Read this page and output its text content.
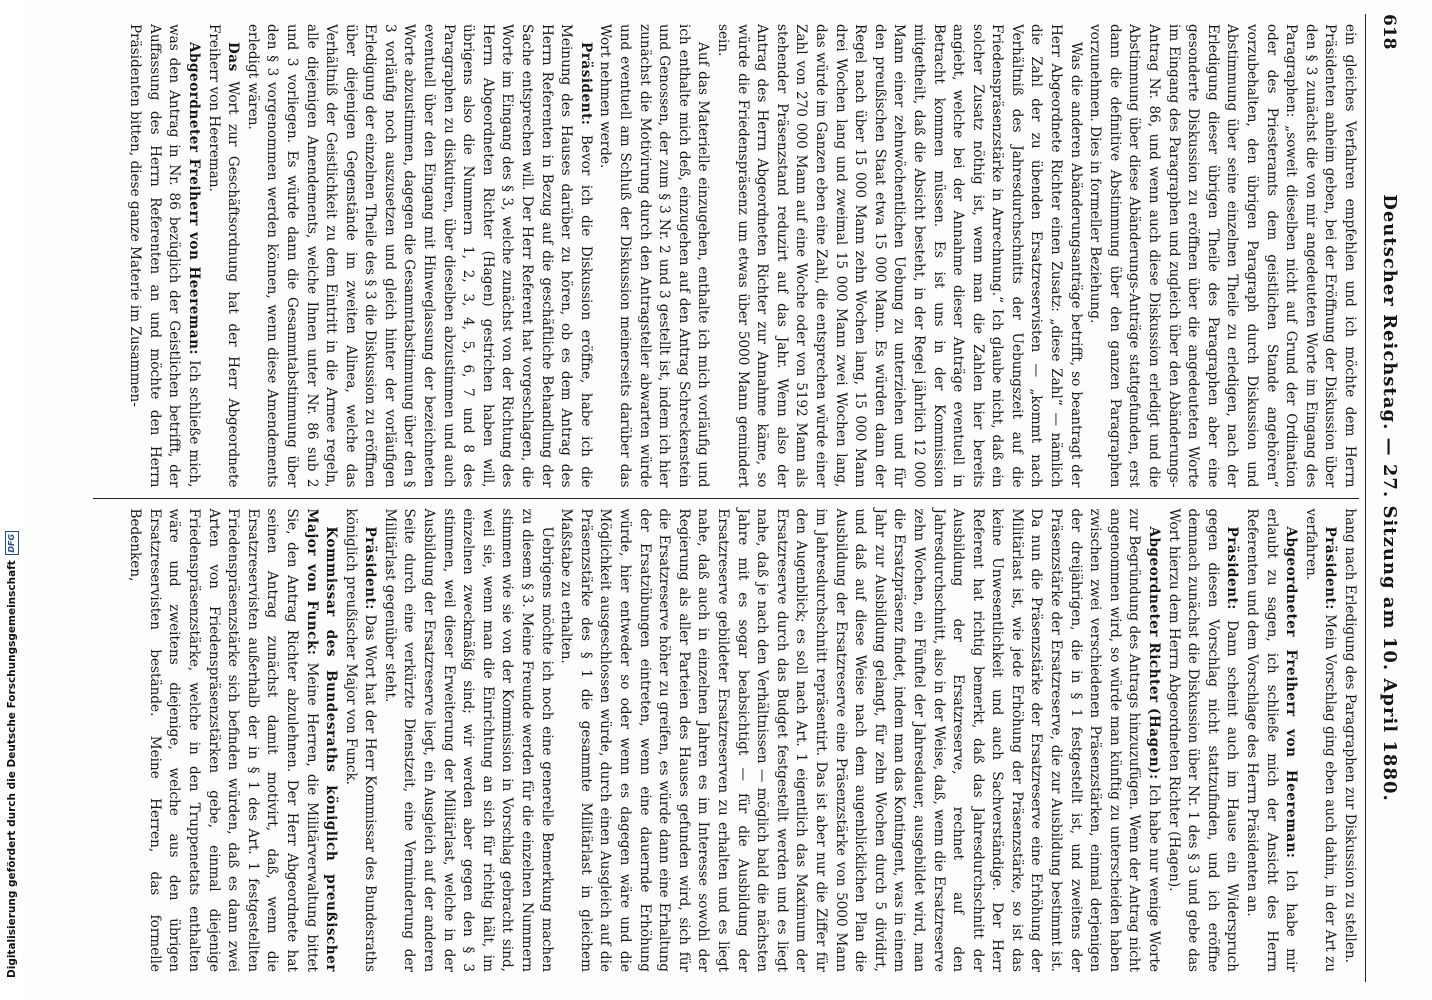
Digitalisierung gefördert durch die Deutsche Forschungsgemeinschaft
DFG
618
Deutscher Reichstag. — 27. Sitzung am 10. April 1880.

ein gleiches Verfahren empfehlen und ich möchte dem Herrn Präsidenten anheim geben, bei der Eröffnung der Diskussion über den § 3 zunächst die von mir angedeuteten Worte im Eingang des Paragraphen: „soweit dieselben nicht auf Grund der Ordination oder des Priesteramts dem geistlichen Stande angehören“ vorzubehalten, den übrigen Paragraph durch Diskussion und Abstimmung über seine einzelnen Theile zu erledigen, nach der Erledigung dieser übrigen Theile des Paragraphen aber eine gesonderte Diskussion zu eröffnen über die angedeuteten Worte im Eingang des Paragraphen und zugleich über den Abänderungs-Antrag Nr. 86, und wenn auch diese Diskussion erledigt und die Abstimmung über diese Abänderungs-Anträge stattgefunden, erst dann die definitive Abstimmung über den ganzen Paragraphen vorzunehmen. Dies in formeller Beziehung.

Was die anderen Abänderungsanträge betrifft, so beantragt der Herr Abgeordnete Richter einen Zusatz: „diese Zahl“ — nämlich die Zahl der zu übenden Ersatzreservisten — „kommt nach Verhältniß des Jahresdurchschnitts der Uebungszeit auf die Friedenspräsenzstärke in Anrechnung.“ Ich glaube nicht, daß ein solcher Zusatz nöthig ist, wenn man die Zahlen hier bereits angiebt, welche bei der Annahme dieser Anträge eventuell in Betracht kommen müssen. Es ist uns in der Kommission mitgetheilt, daß die Absicht besteht, in der Regel jährlich 12 000 Mann einer zehnwöchentlichen Uebung zu unterziehen und für den preußischen Staat etwa 15 000 Mann. Es würden dann der Regel nach über 15 000 Mann zehn Wochen lang, 15 000 Mann drei Wochen lang und zweimal 15 000 Mann zwei Wochen lang, das würde im Ganzen eben eine Zahl, die entsprechen würde einer Zahl von 270 000 Mann auf eine Woche oder von 5192 Mann als stehender Präsenzstand reduzirt auf das Jahr. Wenn also der Antrag des Herrn Abgeordneten Richter zur Annahme käme, so würde die Friedenspräsenz um etwas über 5000 Mann gemindert sein.

Auf das Materielle einzugehen, enthalte ich mich vorläufig und ich enthalte mich deß, einzugehen auf den Antrag Schreckenstein und Genossen, der zum § 3 Nr. 2 und 3 gestellt ist, indem ich hier zunächst die Motivirung durch den Antragsteller abwarten würde und eventuell am Schluß der Diskussion meinerseits darüber das Wort nehmen werde.

Präsident: Bevor ich die Diskussion eröffne, habe ich die Meinung des Hauses darüber zu hören, ob es dem Antrag des Herrn Referenten in Bezug auf die geschäftliche Behandlung der Sache entsprechen will. Der Herr Referent hat vorgeschlagen, die Worte im Eingang des § 3, welche zunächst von der Richtung des Herrn Abgeordneten Richter (Hagen) gestrichen haben will, übrigens also die Nummern 1, 2, 3, 4, 5, 6, 7 und 8 des Paragraphen zu diskutiren, über dieselben abzustimmen und auch eventuell über den Eingang mit Hinweglassung der bezeichneten Worte abzustimmen, dagegen die Gesammtabstimmung über den § 3 vorläufig noch auszusetzen und gleich hinter der vorläufigen Erledigung der einzelnen Theile des § 3 die Diskussion zu eröffnen über diejenigen Gegenstände im zweiten Alinea, welche das Verhältniß der Geistlichkeit zu dem Eintritt in die Armee regeln, alle diejenigen Amendements, welche Ihnen unter Nr. 86 sub 2 und 3 vorliegen. Es würde dann die Gesammtabstimmung über den § 3 vorgenommen werden können, wenn diese Amendements erledigt wären.

Das Wort zur Geschäftsordnung hat der Herr Abgeordnete Freiherr von Heereman.

Abgeordneter Freiherr von Heereman: Ich schließe mich, was den Antrag in Nr. 86 bezüglich der Geistlichen betrifft, der Auffassung des Herrn Referenten an und möchte den Herrn Präsidenten bitten, diese ganze Materie im Zusammen-

hang nach Erledigung des Paragraphen zur Diskussion zu stellen.

Präsident: Mein Vorschlag ging eben auch dahin, in der Art zu verfahren.

Abgeordneter Freiherr von Heereman: Ich habe mir erlaubt zu sagen, ich schließe mich der Ansicht des Herrn Referenten und dem Vorschlage des Herrn Präsidenten an.

Präsident: Dann scheint auch im Hause ein Widerspruch gegen diesen Vorschlag nicht stattzufinden, und ich eröffne demnach zunächst die Diskussion über Nr. 1 des § 3 und gebe das Wort hierzu dem Herrn Abgeordneten Richter (Hagen).

Abgeordneter Richter (Hagen): Ich habe nur wenige Worte zur Begründung des Antrags hinzuzufügen. Wenn der Antrag nicht angenommen wird, so würde man künftig zu unterscheiden haben zwischen zwei verschiedenen Präsenzstärken, einmal derjenigen der dreijährigen, die in § 1 festgestellt ist, und zweitens der Präsenzstärke der Ersatzreserve, die zur Ausbildung bestimmt ist. Da nun die Präsenzstärke der Ersatzreserve eine Erhöhung der Militärlast ist, wie jede Erhöhung der Präsenzstärke, so ist das keine Unwesentlichkeit und auch Sachverständige. Der Herr Referent hat richtig bemerkt, daß das Jahresdurchschnitt der Ausbildung der Ersatzreserve, rechnet auf den Jahresdurchschnitt, also in der Weise, daß, wenn die Ersatzreserve zehn Wochen, ein Fünftel der Jahresdauer, ausgebildet wird, man die Ersatzpräsenz findet, indem man das Kontingent, was in einem Jahr zur Ausbildung gelangt, für zehn Wochen durch 5 dividirt, und daß auf diese Weise nach dem augenblicklichen Plan die Ausbildung der Ersatzreserve eine Präsenzstärke von 5000 Mann im Jahresdurchschnitt repräsentirt. Das ist aber nur die Ziffer für den Augenblick; es soll nach Art. 1 eigentlich das Maximum der Ersatzreserve durch das Budget festgestellt werden und es liegt nahe, daß je nach den Verhältnissen — möglich bald die nächsten Jahre mit es sogar beabsichtigt — für die Ausbildung der Ersatzreserve gebildeter Ersatzreserven zu erhalten und es liegt nahe, daß auch in einzelnen Jahren es im Interesse sowohl der Regierung als aller Parteien des Hauses gefunden wird, sich für die Ersatzreserve höher zu greifen, es würde dann eine Erhaltung der Ersatzübungen eintreten, wenn eine dauernde Erhöhung würde, hier entweder so oder wenn es dagegen wäre und die Möglichkeit ausgeschlossen würde, durch einen Ausgleich auf die Präsenzstärke des § 1 die gesammte Militärlast in gleichem Maßstabe zu erhalten.

Uebrigens möchte ich noch eine generelle Bemerkung machen zu diesem § 3. Meine Freunde werden für die einzelnen Nummern stimmen wie sie von der Kommission in Vorschlag gebracht sind, weil sie, wenn man die Einrichtung an sich für richtig hält, im einzelnen zweckmäßig sind; wir werden aber gegen den § 3 stimmen, weil dieser Erweiterung der Militärlast, welche in der Ausbildung der Ersatzreserve liegt, ein Ausgleich auf der anderen Seite durch eine verkürzte Dienstzeit, eine Verminderung der Militärlast gegenüber steht.

Präsident: Das Wort hat der Herr Kommissar des Bundesraths königlich preußischer Major von Funck.

Kommissar des Bundesraths königlich preußischer Major von Funck: Meine Herren, die Militärverwaltung bittet Sie, den Antrag Richter abzulehnen. Der Herr Abgeordnete hat seinen Antrag zunächst damit motivirt, daß, wenn die Ersatzreservisten außerhalb der in § 1 des Art. 1 festgestellten Friedenspräsenzstärke sich befinden würden, daß es dann zwei Arten von Friedenspräsenzstärken gebe, einmal diejenige Friedenspräsenzstärke, welche in den Truppenetats enthalten wäre und zweitens diejenige, welche aus den übrigen Ersatzreservisten bestände. Meine Herren, das formelle Bedenken,
